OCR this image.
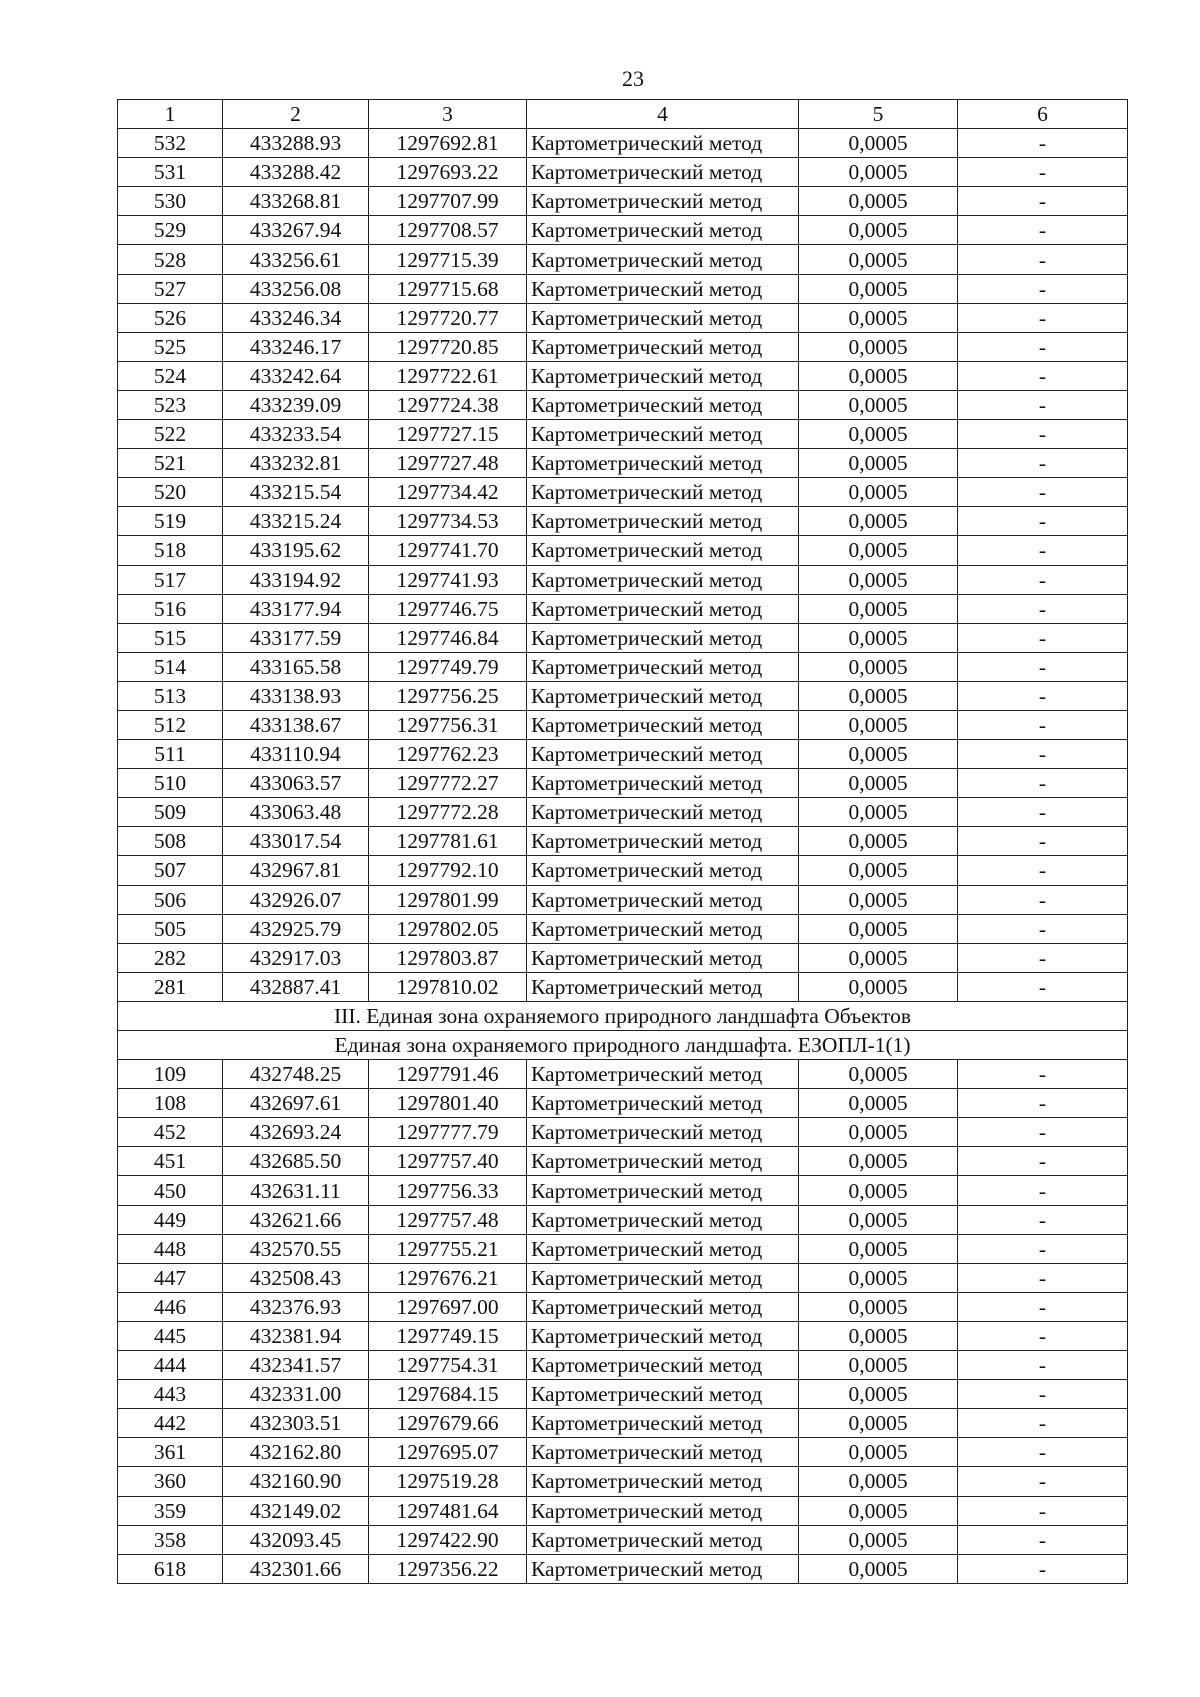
23
1	2	3	4	5	6
532	433288.93	1297692.81	Картометрический метод	0,0005	-
531	433288.42	1297693.22	Картометрический метод	0,0005	-
530	433268.81	1297707.99	Картометрический метод	0,0005	-
529	433267.94	1297708.57	Картометрический метод	0,0005	-
528	433256.61	1297715.39	Картометрический метод	0,0005	-
527	433256.08	1297715.68	Картометрический метод	0,0005	-
526	433246.34	1297720.77	Картометрический метод	0,0005	-
525	433246.17	1297720.85	Картометрический метод	0,0005	-
524	433242.64	1297722.61	Картометрический метод	0,0005	-
523	433239.09	1297724.38	Картометрический метод	0,0005	-
522	433233.54	1297727.15	Картометрический метод	0,0005	-
521	433232.81	1297727.48	Картометрический метод	0,0005	-
520	433215.54	1297734.42	Картометрический метод	0,0005	-
519	433215.24	1297734.53	Картометрический метод	0,0005	-
518	433195.62	1297741.70	Картометрический метод	0,0005	-
517	433194.92	1297741.93	Картометрический метод	0,0005	-
516	433177.94	1297746.75	Картометрический метод	0,0005	-
515	433177.59	1297746.84	Картометрический метод	0,0005	-
514	433165.58	1297749.79	Картометрический метод	0,0005	-
513	433138.93	1297756.25	Картометрический метод	0,0005	-
512	433138.67	1297756.31	Картометрический метод	0,0005	-
511	433110.94	1297762.23	Картометрический метод	0,0005	-
510	433063.57	1297772.27	Картометрический метод	0,0005	-
509	433063.48	1297772.28	Картометрический метод	0,0005	-
508	433017.54	1297781.61	Картометрический метод	0,0005	-
507	432967.81	1297792.10	Картометрический метод	0,0005	-
506	432926.07	1297801.99	Картометрический метод	0,0005	-
505	432925.79	1297802.05	Картометрический метод	0,0005	-
282	432917.03	1297803.87	Картометрический метод	0,0005	-
281	432887.41	1297810.02	Картометрический метод	0,0005	-
III. Единая зона охраняемого природного ландшафта Объектов					
Единая зона охраняемого природного ландшафта. ЕЗОПЛ-1(1)					
109	432748.25	1297791.46	Картометрический метод	0,0005	-
108	432697.61	1297801.40	Картометрический метод	0,0005	-
452	432693.24	1297777.79	Картометрический метод	0,0005	-
451	432685.50	1297757.40	Картометрический метод	0,0005	-
450	432631.11	1297756.33	Картометрический метод	0,0005	-
449	432621.66	1297757.48	Картометрический метод	0,0005	-
448	432570.55	1297755.21	Картометрический метод	0,0005	-
447	432508.43	1297676.21	Картометрический метод	0,0005	-
446	432376.93	1297697.00	Картометрический метод	0,0005	-
445	432381.94	1297749.15	Картометрический метод	0,0005	-
444	432341.57	1297754.31	Картометрический метод	0,0005	-
443	432331.00	1297684.15	Картометрический метод	0,0005	-
442	432303.51	1297679.66	Картометрический метод	0,0005	-
361	432162.80	1297695.07	Картометрический метод	0,0005	-
360	432160.90	1297519.28	Картометрический метод	0,0005	-
359	432149.02	1297481.64	Картометрический метод	0,0005	-
358	432093.45	1297422.90	Картометрический метод	0,0005	-
618	432301.66	1297356.22	Картометрический метод	0,0005	-
